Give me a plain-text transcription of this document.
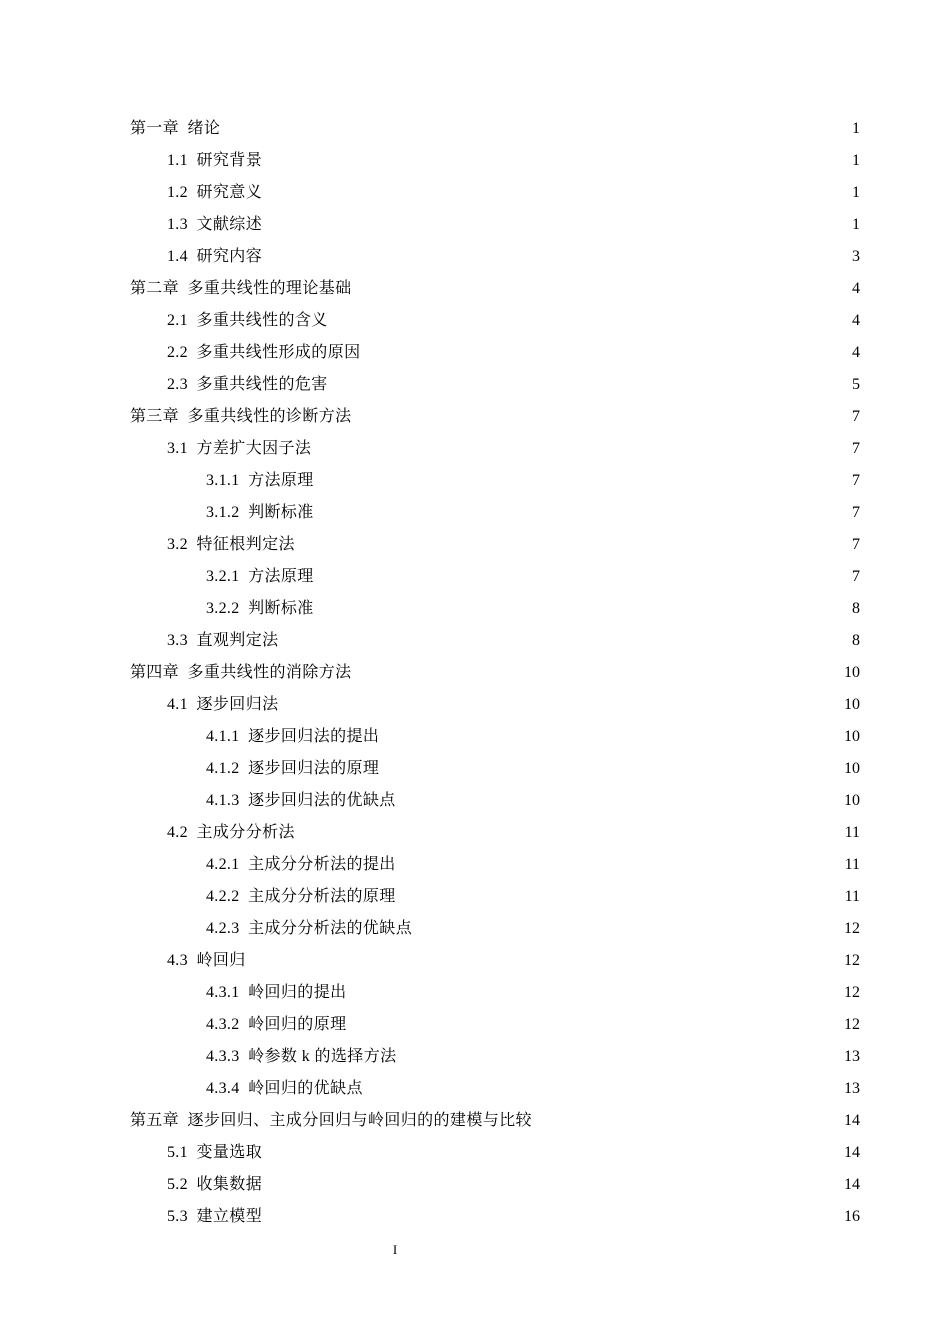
第一章 绪论	1
1.1 研究背景	1
1.2 研究意义	1
1.3 文献综述	1
1.4 研究内容	3
第二章 多重共线性的理论基础	4
2.1 多重共线性的含义	4
2.2 多重共线性形成的原因	4
2.3 多重共线性的危害	5
第三章 多重共线性的诊断方法	7
3.1 方差扩大因子法	7
3.1.1 方法原理	7
3.1.2 判断标准	7
3.2 特征根判定法	7
3.2.1 方法原理	7
3.2.2 判断标准	8
3.3 直观判定法	8
第四章 多重共线性的消除方法	10
4.1 逐步回归法	10
4.1.1 逐步回归法的提出	10
4.1.2 逐步回归法的原理	10
4.1.3 逐步回归法的优缺点	10
4.2 主成分分析法	11
4.2.1 主成分分析法的提出	11
4.2.2 主成分分析法的原理	11
4.2.3 主成分分析法的优缺点	12
4.3 岭回归	12
4.3.1 岭回归的提出	12
4.3.2 岭回归的原理	12
4.3.3 岭参数 k 的选择方法	13
4.3.4 岭回归的优缺点	13
第五章 逐步回归、主成分回归与岭回归的的建模与比较	14
5.1 变量选取	14
5.2 收集数据	14
5.3 建立模型	16
I
